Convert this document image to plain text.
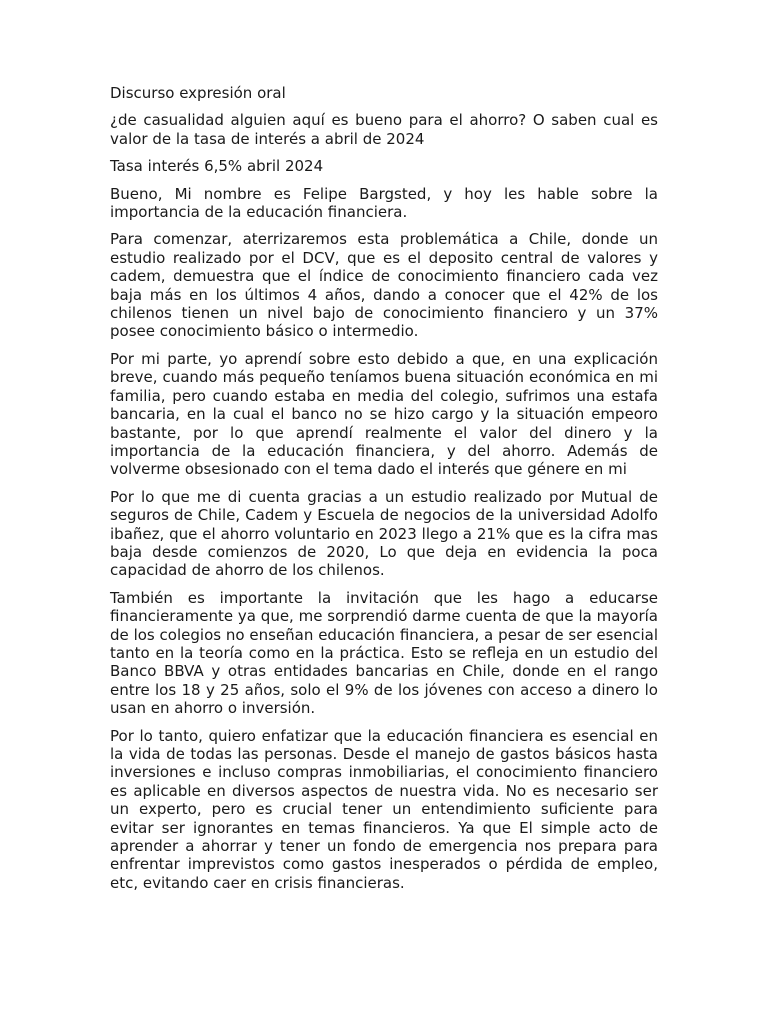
Discurso expresión oral

¿de casualidad alguien aquí es bueno para el ahorro? O saben cual es valor de la tasa de interés a abril de 2024

Tasa interés 6,5% abril 2024

Bueno, Mi nombre es Felipe Bargsted, y hoy les hable sobre la importancia de la educación financiera.

Para comenzar, aterrizaremos esta problemática a Chile, donde un estudio realizado por el DCV, que es el deposito central de valores y cadem, demuestra que el índice de conocimiento financiero cada vez baja más en los últimos 4 años, dando a conocer que el 42% de los chilenos tienen un nivel bajo de conocimiento financiero y un 37% posee conocimiento básico o intermedio.

Por mi parte, yo aprendí sobre esto debido a que, en una explicación breve, cuando más pequeño teníamos buena situación económica en mi familia, pero cuando estaba en media del colegio, sufrimos una estafa bancaria, en la cual el banco no se hizo cargo y la situación empeoro bastante, por lo que aprendí realmente el valor del dinero y la importancia de la educación financiera, y del ahorro. Además de volverme obsesionado con el tema dado el interés que génere en mi

Por lo que me di cuenta gracias a un estudio realizado por Mutual de seguros de Chile, Cadem y Escuela de negocios de la universidad Adolfo ibañez, que el ahorro voluntario en 2023 llego a 21% que es la cifra mas baja desde comienzos de 2020, Lo que deja en evidencia la poca capacidad de ahorro de los chilenos.

También es importante la invitación que les hago a educarse financieramente ya que, me sorprendió darme cuenta de que la mayoría de los colegios no enseñan educación financiera, a pesar de ser esencial tanto en la teoría como en la práctica. Esto se refleja en un estudio del Banco BBVA y otras entidades bancarias en Chile, donde en el rango entre los 18 y 25 años, solo el 9% de los jóvenes con acceso a dinero lo usan en ahorro o inversión.

Por lo tanto, quiero enfatizar que la educación financiera es esencial en la vida de todas las personas. Desde el manejo de gastos básicos hasta inversiones e incluso compras inmobiliarias, el conocimiento financiero es aplicable en diversos aspectos de nuestra vida. No es necesario ser un experto, pero es crucial tener un entendimiento suficiente para evitar ser ignorantes en temas financieros. Ya que El simple acto de aprender a ahorrar y tener un fondo de emergencia nos prepara para enfrentar imprevistos como gastos inesperados o pérdida de empleo, etc, evitando caer en crisis financieras.
